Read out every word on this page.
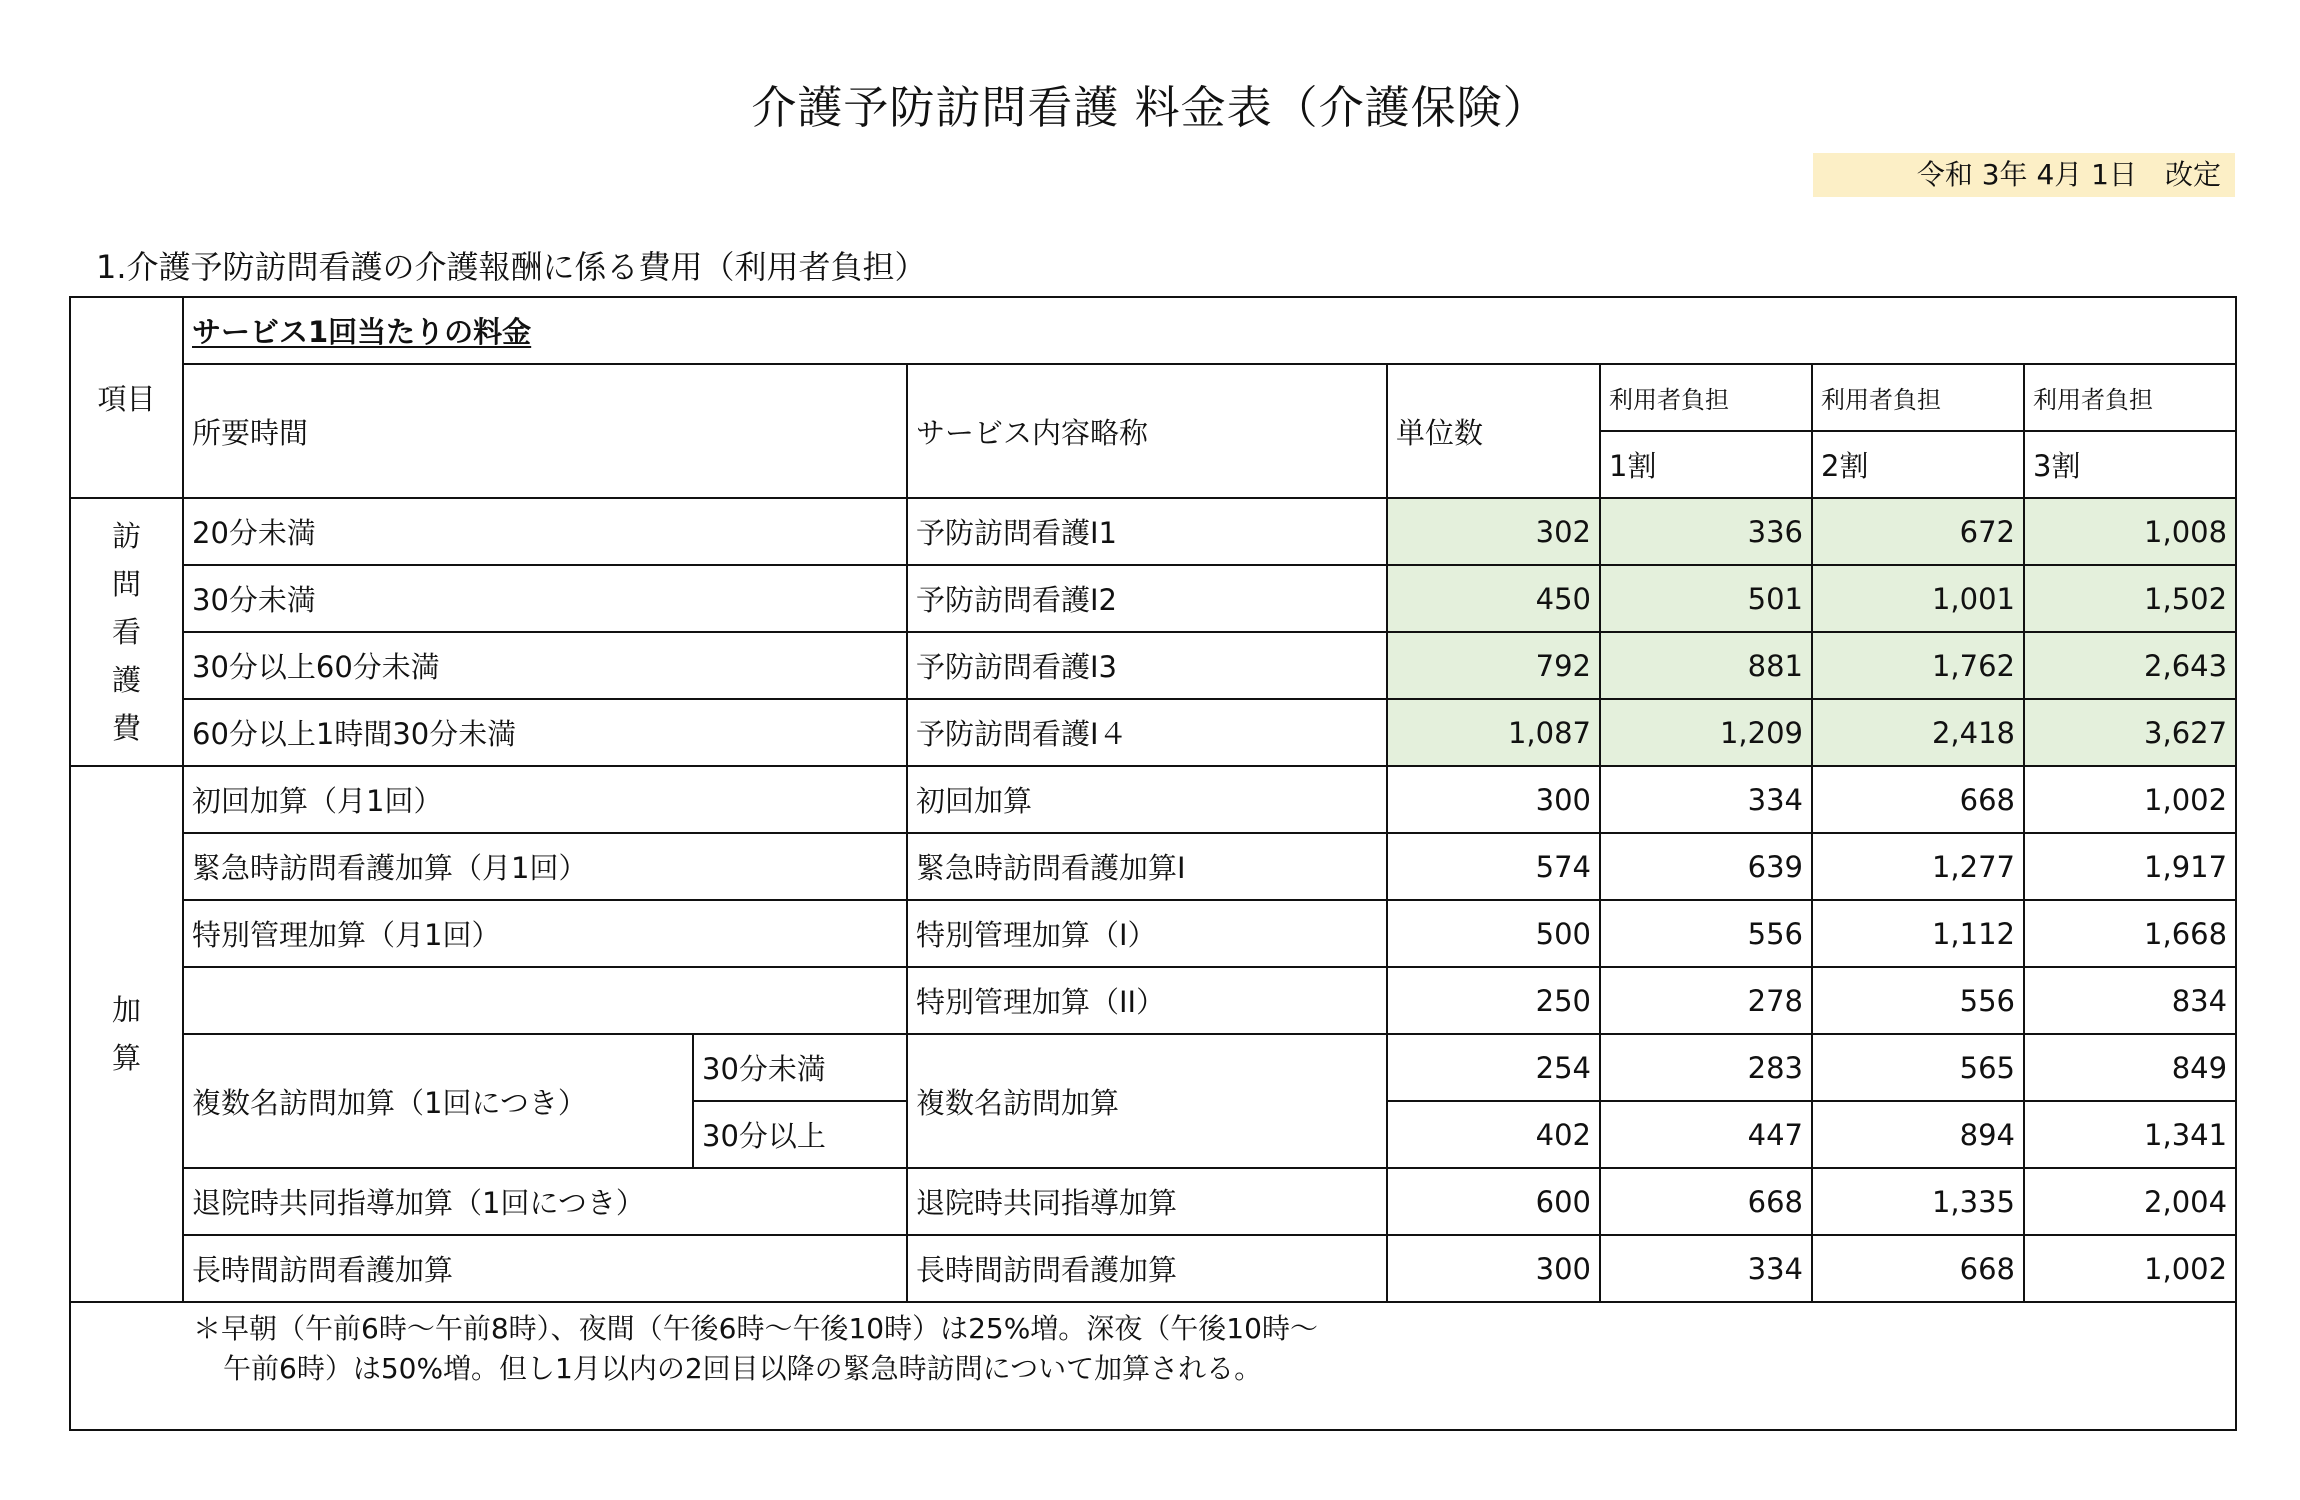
介護予防訪問看護 料金表（介護保険）
令和 3年 4月 1日　改定
1.介護予防訪問看護の介護報酬に係る費用（利用者負担）
項目	サービス1回当たりの料金						
	所要時間		サービス内容略称	単位数	利用者負担	利用者負担	利用者負担
					1割	2割	3割

訪
問
看
護
費	20分未満		予防訪問看護I1	302	336	672	1,008
	30分未満		予防訪問看護I2	450	501	1,001	1,502
	30分以上60分未満		予防訪問看護I3	792	881	1,762	2,643
	60分以上1時間30分未満		予防訪問看護I４	1,087	1,209	2,418	3,627

加
算	初回加算（月1回）		初回加算	300	334	668	1,002
	緊急時訪問看護加算（月1回）		緊急時訪問看護加算Ⅰ	574	639	1,277	1,917
	特別管理加算（月1回）		特別管理加算（I）	500	556	1,112	1,668
			特別管理加算（II）	250	278	556	834
	複数名訪問加算（1回につき）	30分未満	複数名訪問加算	254	283	565	849
		30分以上		402	447	894	1,341
	退院時共同指導加算（1回につき）		退院時共同指導加算	600	668	1,335	2,004
	長時間訪問看護加算		長時間訪問看護加算	300	334	668	1,002

＊早朝（午前6時〜午前8時）、夜間（午後6時〜午後10時）は25%増。深夜（午後10時〜
午前6時）は50%増。但し1月以内の2回目以降の緊急時訪問について加算される。							
